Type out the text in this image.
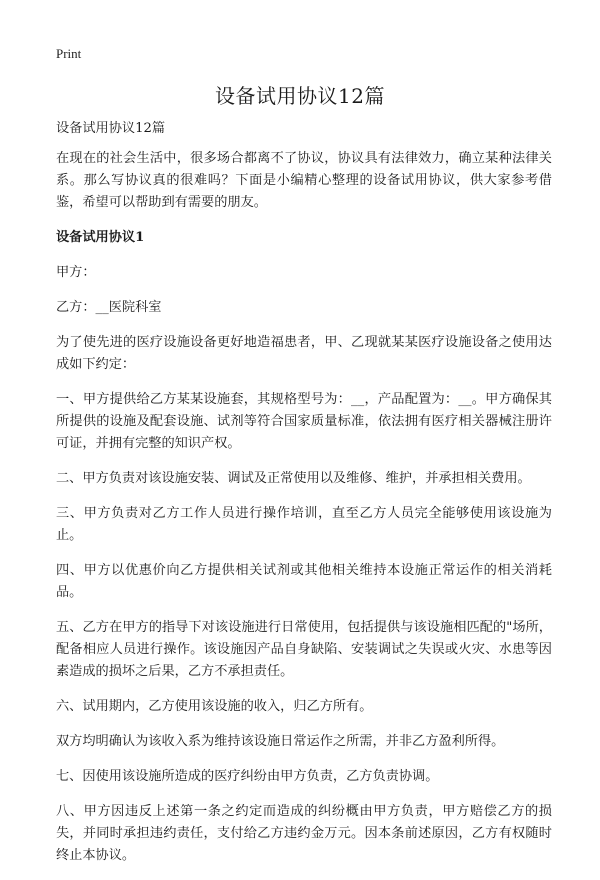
Print
设备试用协议12篇

设备试用协议12篇

在现在的社会生活中，很多场合都离不了协议，协议具有法律效力，确立某种法律关系。那么写协议真的很难吗？下面是小编精心整理的设备试用协议，供大家参考借鉴，希望可以帮助到有需要的朋友。

设备试用协议1

甲方：

乙方：__医院科室

为了使先进的医疗设施设备更好地造福患者，甲、乙现就某某医疗设施设备之使用达成如下约定：

一、甲方提供给乙方某某设施套，其规格型号为：__，产品配置为：__。甲方确保其所提供的设施及配套设施、试剂等符合国家质量标准，依法拥有医疗相关器械注册许可证，并拥有完整的知识产权。

二、甲方负责对该设施安装、调试及正常使用以及维修、维护，并承担相关费用。

三、甲方负责对乙方工作人员进行操作培训，直至乙方人员完全能够使用该设施为止。

四、甲方以优惠价向乙方提供相关试剂或其他相关维持本设施正常运作的相关消耗品。

五、乙方在甲方的指导下对该设施进行日常使用，包括提供与该设施相匹配的"场所，配备相应人员进行操作。该设施因产品自身缺陷、安装调试之失误或火灾、水患等因素造成的损坏之后果，乙方不承担责任。

六、试用期内，乙方使用该设施的收入，归乙方所有。

双方均明确认为该收入系为维持该设施日常运作之所需，并非乙方盈利所得。

七、因使用该设施所造成的医疗纠纷由甲方负责，乙方负责协调。

八、甲方因违反上述第一条之约定而造成的纠纷概由甲方负责，甲方赔偿乙方的损失，并同时承担违约责任，支付给乙方违约金万元。因本条前述原因，乙方有权随时终止本协议。
